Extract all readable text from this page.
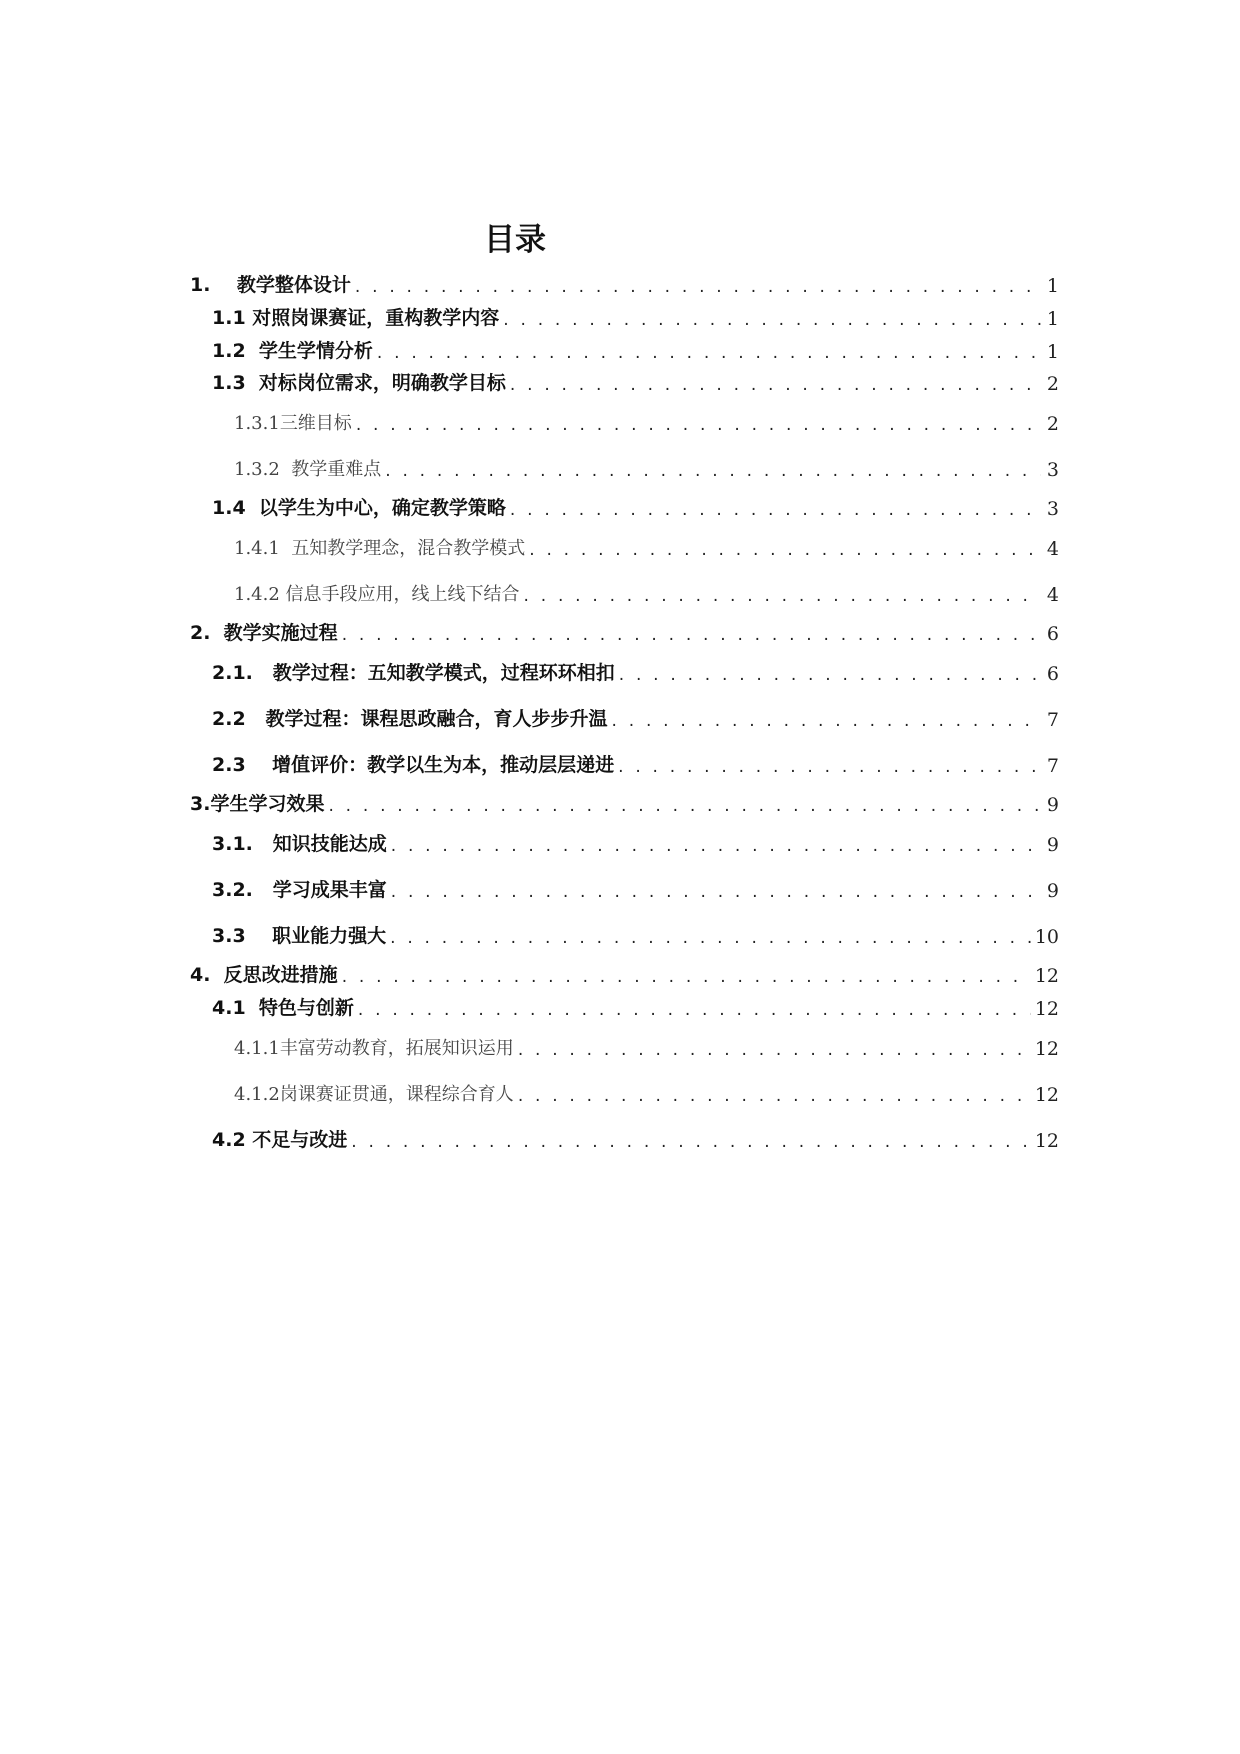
目录
1. 教学整体设计 . . .	1
1.1 对照岗课赛证，重构教学内容 . . .	1
1.2 学生学情分析 . . .	1
1.3 对标岗位需求，明确教学目标 . . .	2
1.3.1 三维目标 . . .	2
1.3.2 教学重难点 . . .	3
1.4 以学生为中心，确定教学策略 . . .	3
1.4.1 五知教学理念，混合教学模式 . . .	4
1.4.2 信息手段应用，线上线下结合 . . .	4
2. 教学实施过程 . . .	6
2.1. 教学过程：五知教学模式，过程环环相扣 . . .	6
2.2 教学过程：课程思政融合，育人步步升温 . . .	7
2.3 增值评价：教学以生为本，推动层层递进 . . .	7
3. 学生学习效果 . . .	9
3.1. 知识技能达成 . . .	9
3.2. 学习成果丰富 . . .	9
3.3 职业能力强大 . . .	10
4. 反思改进措施 . . .	12
4.1 特色与创新 . . .	12
4.1.1 丰富劳动教育，拓展知识运用 . . .	12
4.1.2 岗课赛证贯通，课程综合育人 . . .	12
4.2 不足与改进 . . .	12
